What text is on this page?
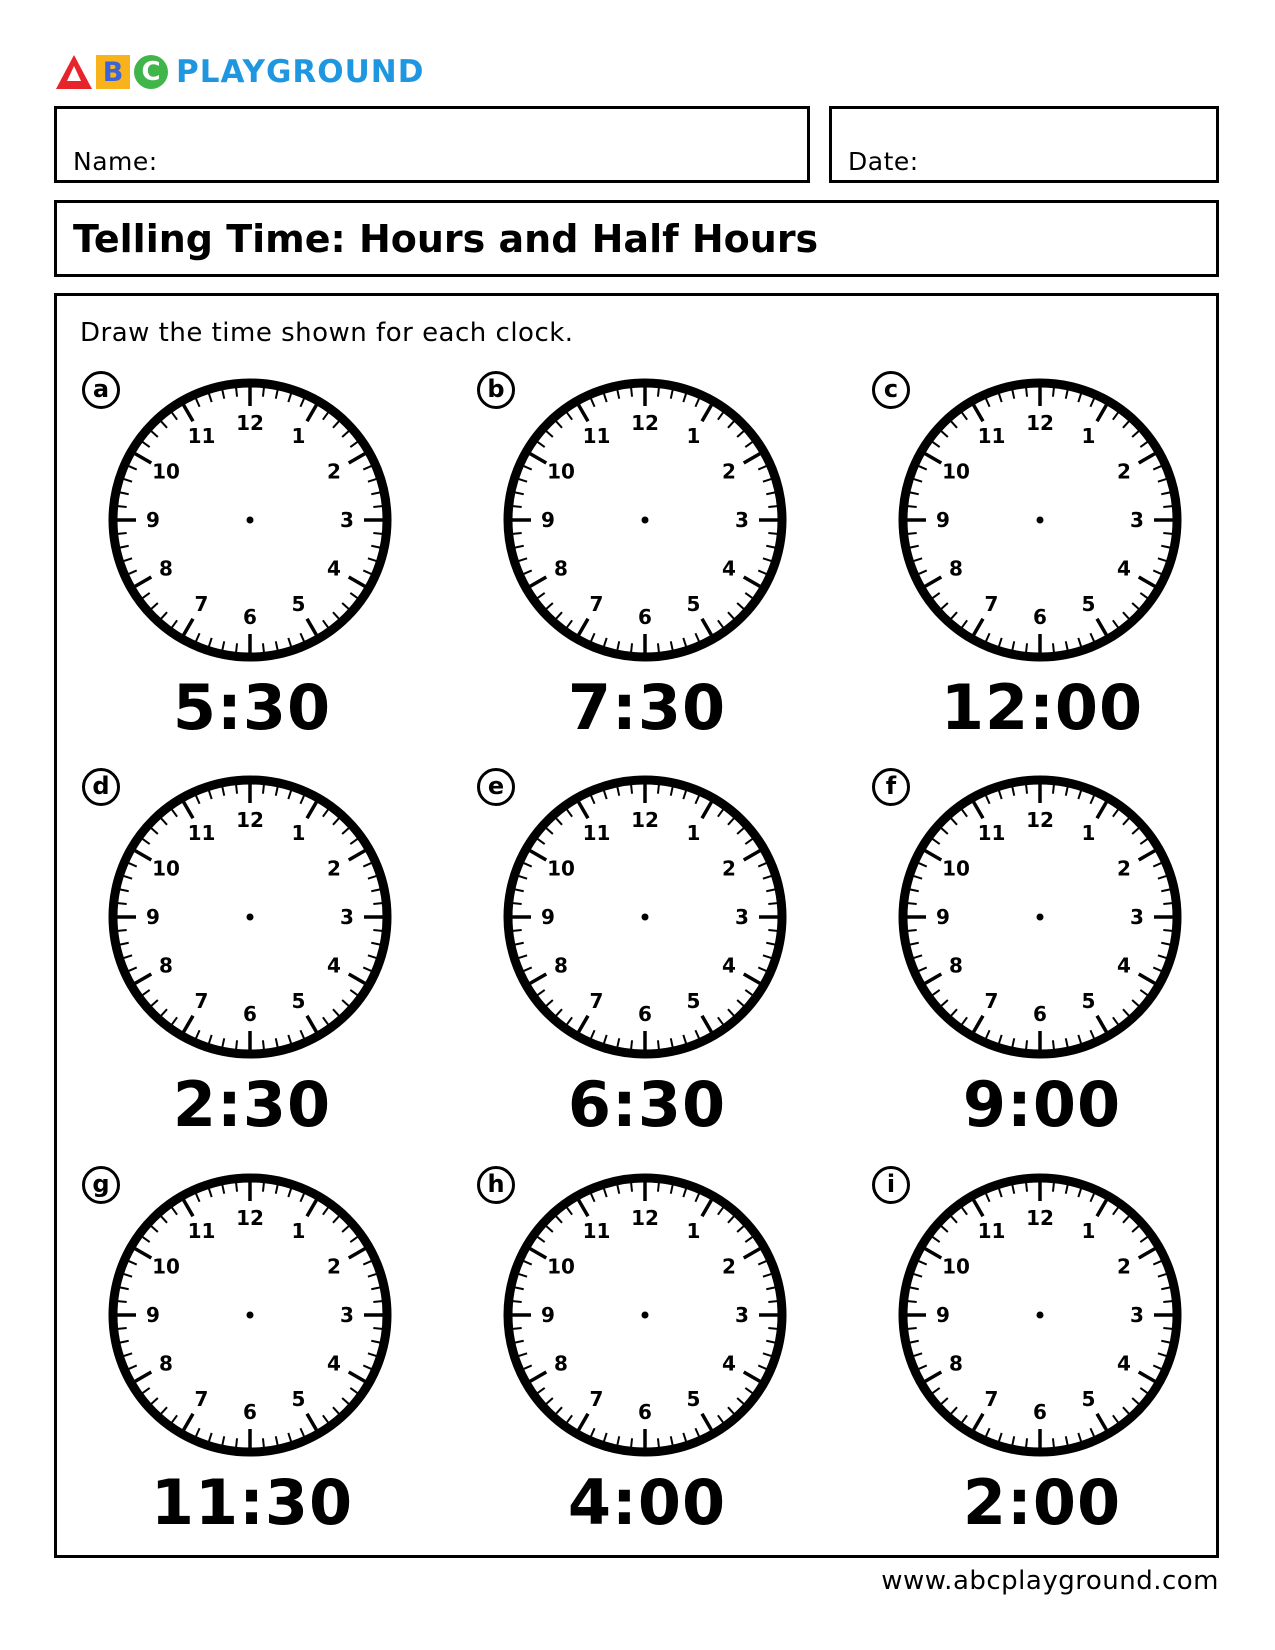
B C PLAYGROUND
Name:	Date:
Telling Time: Hours and Half Hours
Draw the time shown for each clock.
a
12
1
2
3
4
5
6
7
8
9
10
11
5:30
b
12
1
2
3
4
5
6
7
8
9
10
11
7:30
c
12
1
2
3
4
5
6
7
8
9
10
11
12:00
d
12
1
2
3
4
5
6
7
8
9
10
11
2:30
e
12
1
2
3
4
5
6
7
8
9
10
11
6:30
f
12
1
2
3
4
5
6
7
8
9
10
11
9:00
g
12
1
2
3
4
5
6
7
8
9
10
11
11:30
h
12
1
2
3
4
5
6
7
8
9
10
11
4:00
i
12
1
2
3
4
5
6
7
8
9
10
11
2:00
www.abcplayground.com
